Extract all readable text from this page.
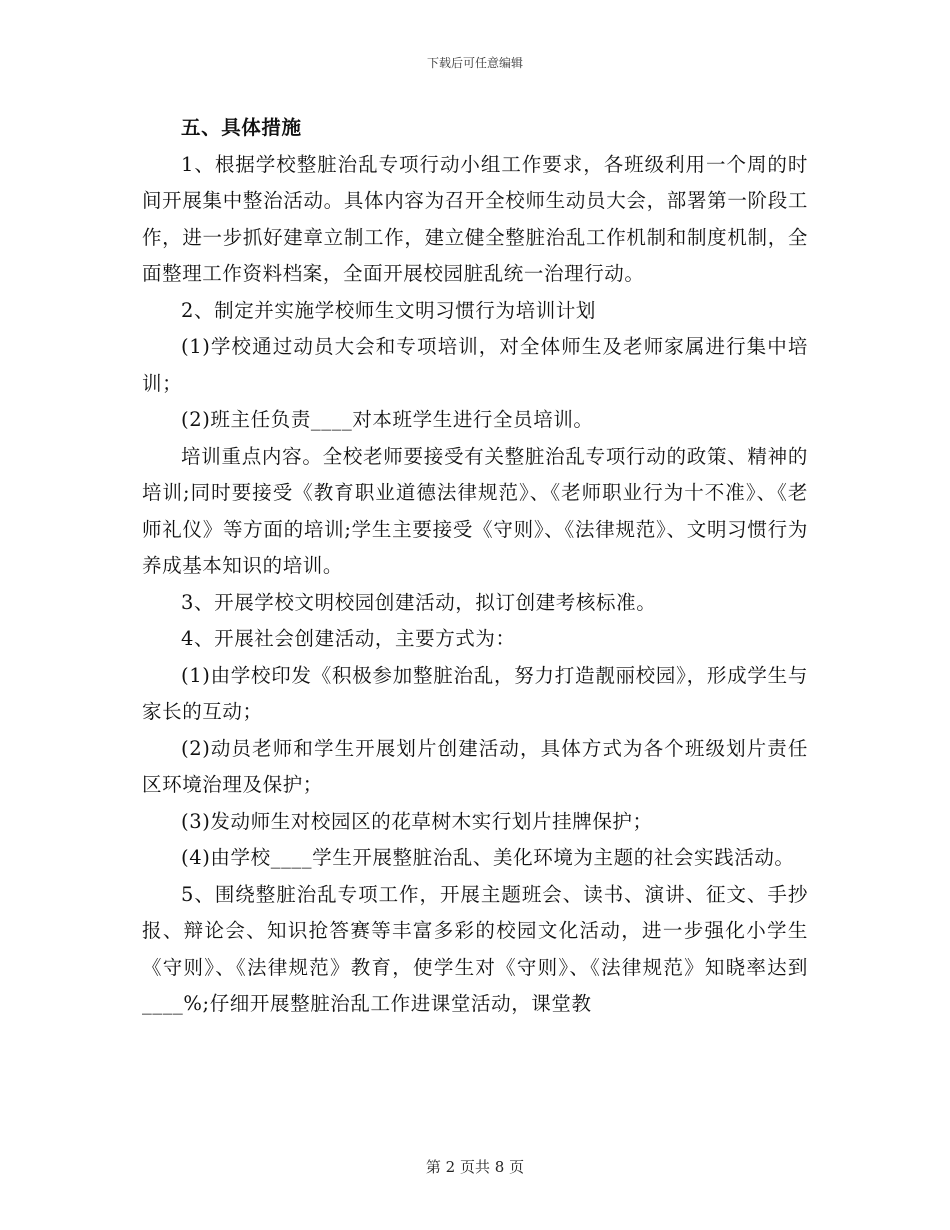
下载后可任意编辑

五、具体措施

1、根据学校整脏治乱专项行动小组工作要求，各班级利用一个周的时间开展集中整治活动。具体内容为召开全校师生动员大会，部署第一阶段工作，进一步抓好建章立制工作，建立健全整脏治乱工作机制和制度机制，全面整理工作资料档案，全面开展校园脏乱统一治理行动。

2、制定并实施学校师生文明习惯行为培训计划

(1)学校通过动员大会和专项培训，对全体师生及老师家属进行集中培训；

(2)班主任负责____对本班学生进行全员培训。

培训重点内容。全校老师要接受有关整脏治乱专项行动的政策、精神的培训;同时要接受《教育职业道德法律规范》、《老师职业行为十不准》、《老师礼仪》等方面的培训;学生主要接受《守则》、《法律规范》、文明习惯行为养成基本知识的培训。

3、开展学校文明校园创建活动，拟订创建考核标准。

4、开展社会创建活动，主要方式为：

(1)由学校印发《积极参加整脏治乱，努力打造靓丽校园》，形成学生与家长的互动；

(2)动员老师和学生开展划片创建活动，具体方式为各个班级划片责任区环境治理及保护；

(3)发动师生对校园区的花草树木实行划片挂牌保护；

(4)由学校____学生开展整脏治乱、美化环境为主题的社会实践活动。

5、围绕整脏治乱专项工作，开展主题班会、读书、演讲、征文、手抄报、辩论会、知识抢答赛等丰富多彩的校园文化活动，进一步强化小学生《守则》、《法律规范》教育，使学生对《守则》、《法律规范》知晓率达到____%;仔细开展整脏治乱工作进课堂活动，课堂教

第 2 页共 8 页
